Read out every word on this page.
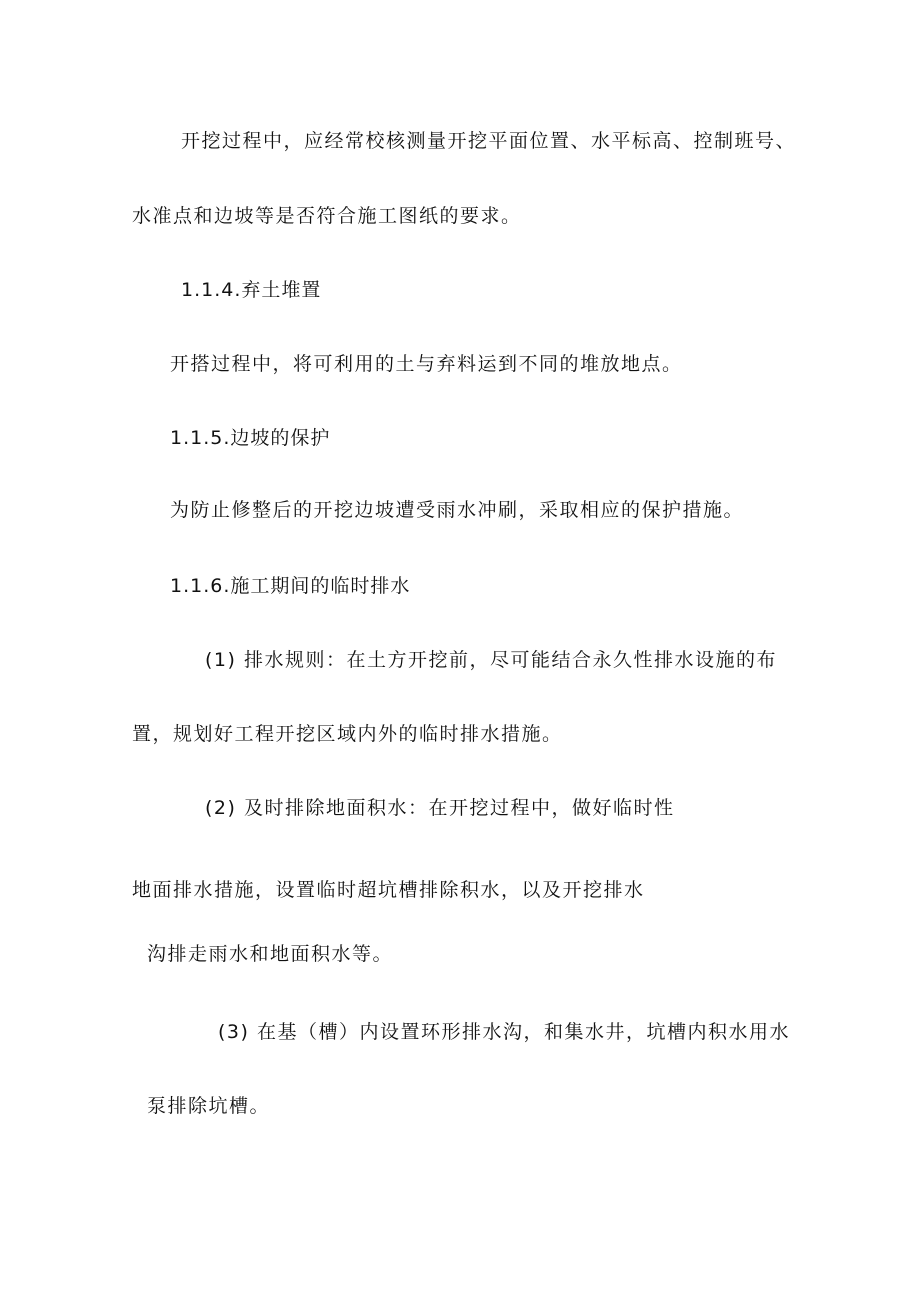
开挖过程中，应经常校核测量开挖平面位置、水平标高、控制班号、
水准点和边坡等是否符合施工图纸的要求。
1.1.4.弃土堆置
开搭过程中，将可利用的土与弃料运到不同的堆放地点。
1.1.5.边坡的保护
为防止修整后的开挖边坡遭受雨水冲刷，采取相应的保护措施。
1.1.6.施工期间的临时排水
(1) 排水规则：在土方开挖前，尽可能结合永久性排水设施的布
置，规划好工程开挖区域内外的临时排水措施。
(2) 及时排除地面积水：在开挖过程中，做好临时性
地面排水措施，设置临时超坑槽排除积水，以及开挖排水
沟排走雨水和地面积水等。
(3) 在基（槽）内设置环形排水沟，和集水井，坑槽内积水用水
泵排除坑槽。
